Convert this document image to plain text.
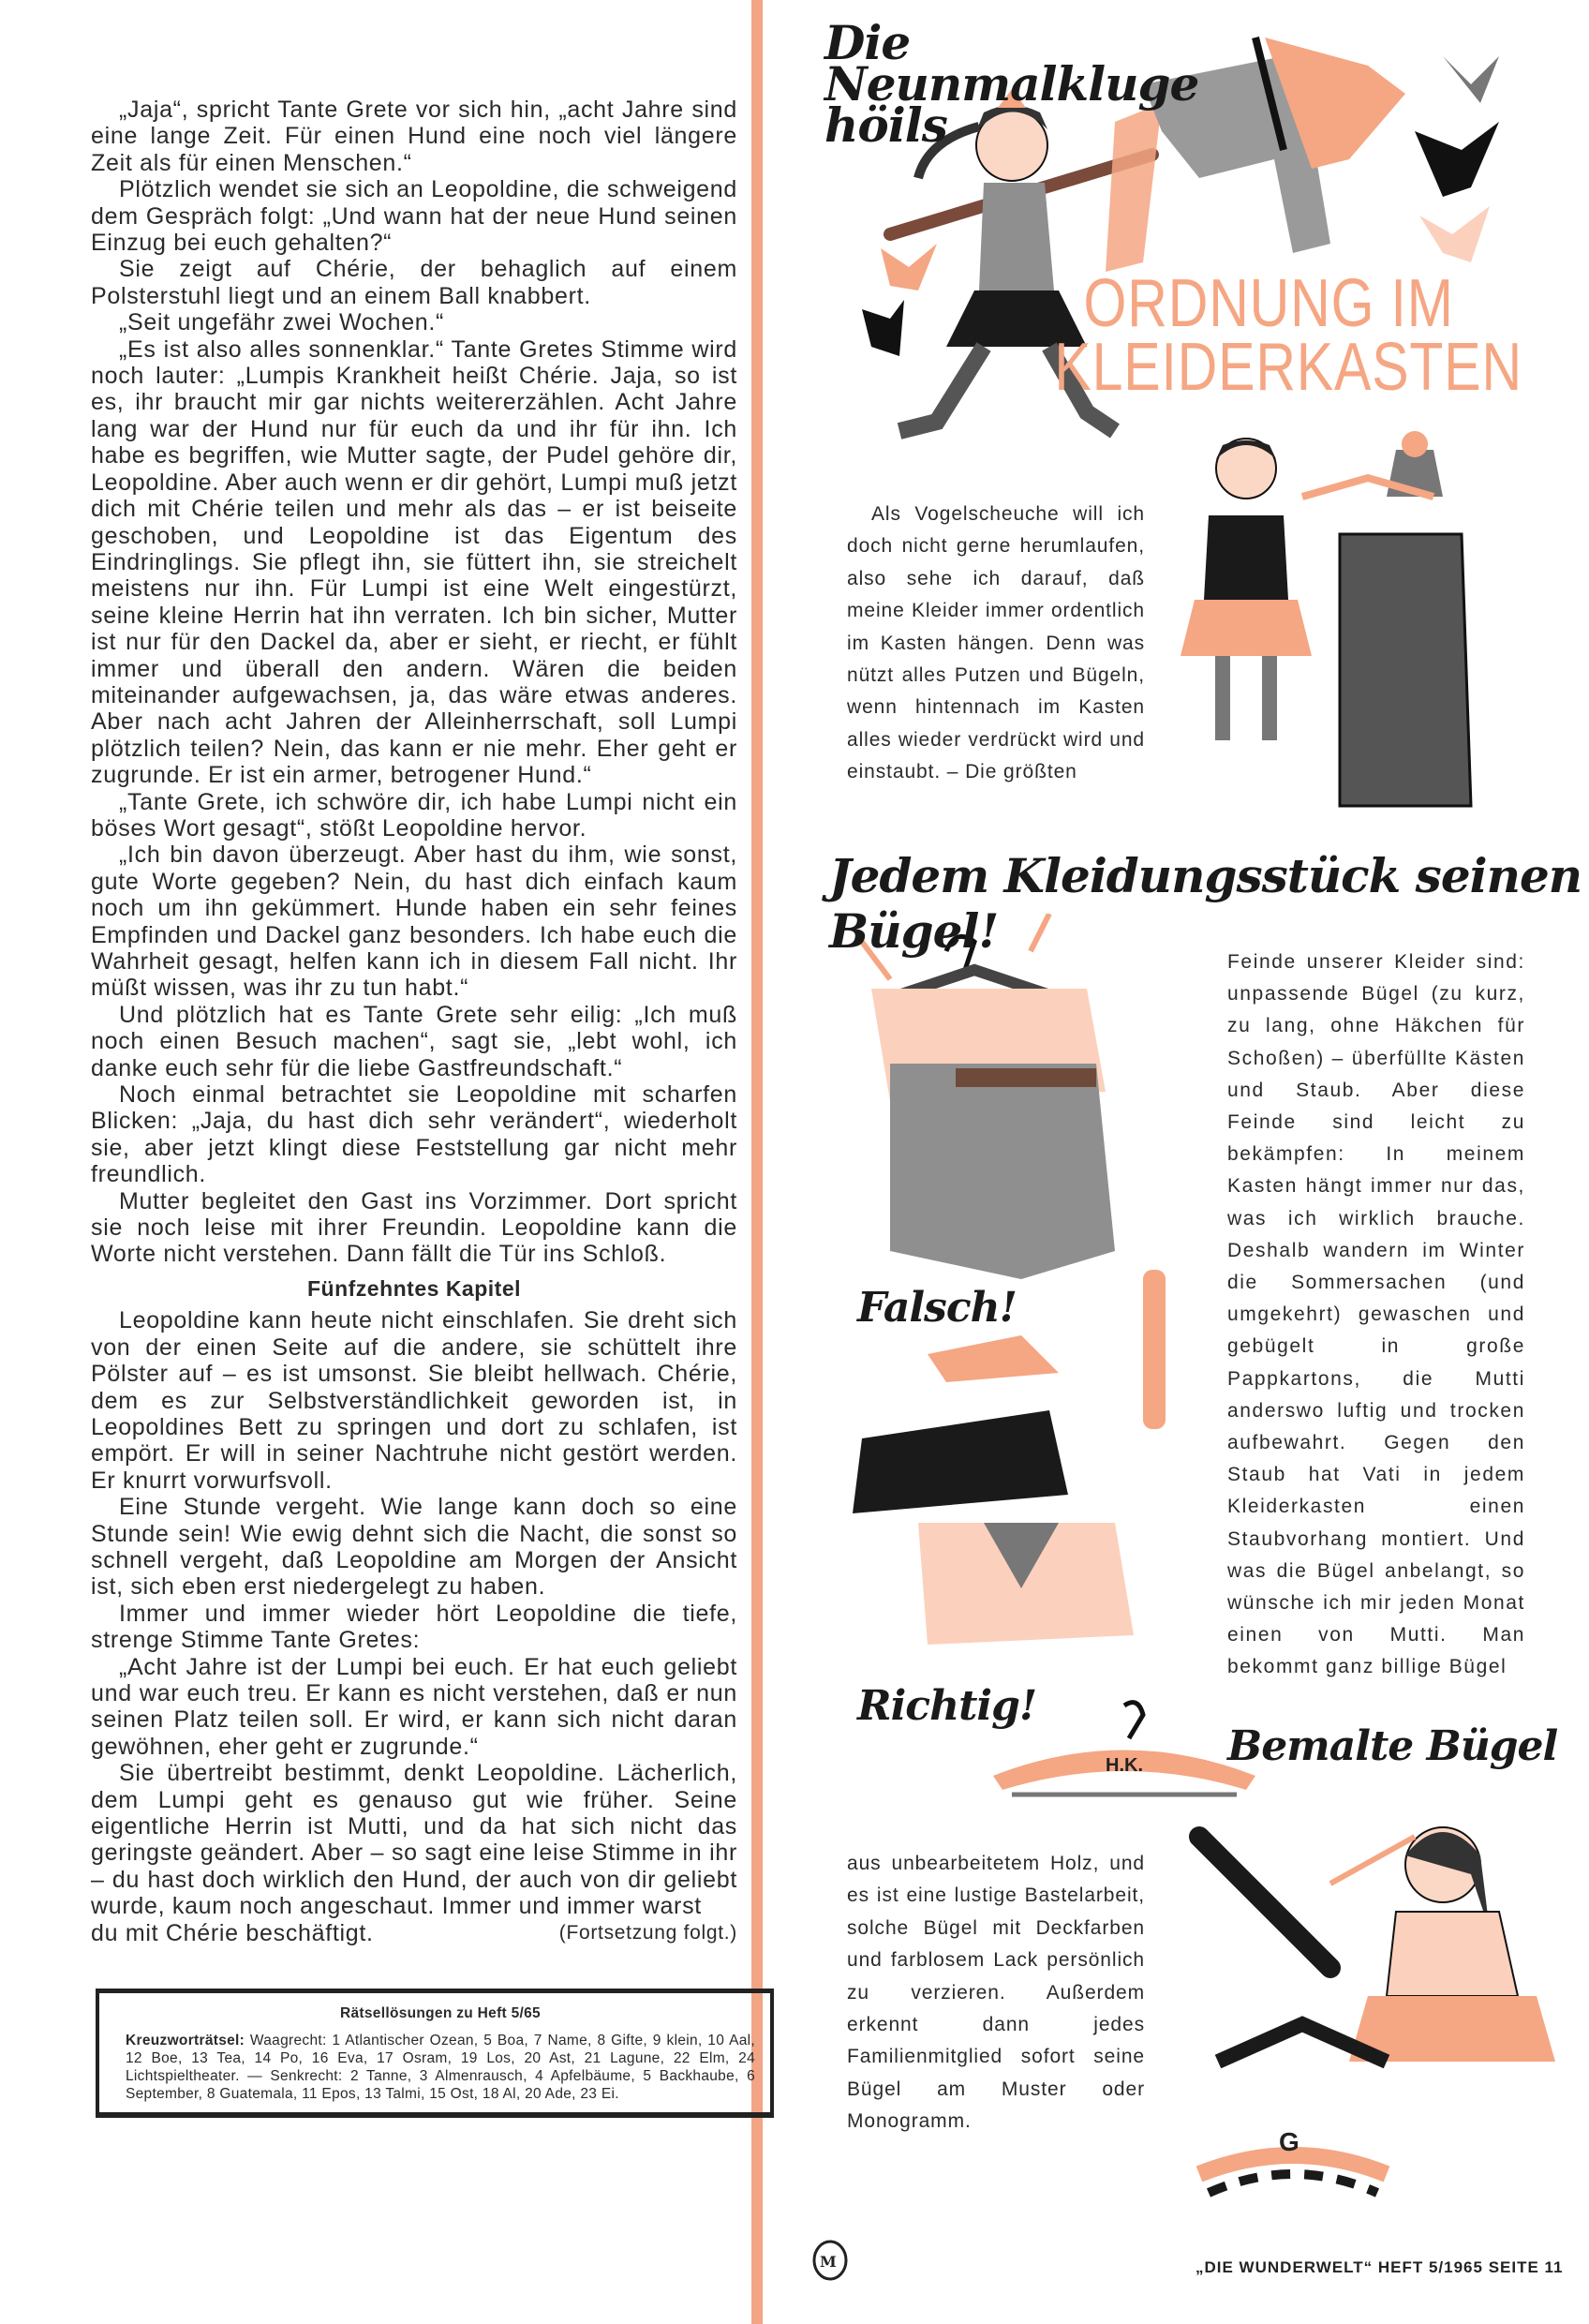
„Jaja“, spricht Tante Grete vor sich hin, „acht Jahre sind eine lange Zeit. Für einen Hund eine noch viel längere Zeit als für einen Menschen.“

Plötzlich wendet sie sich an Leopoldine, die schweigend dem Gespräch folgt: „Und wann hat der neue Hund seinen Einzug bei euch gehalten?“

Sie zeigt auf Chérie, der behaglich auf einem Polsterstuhl liegt und an einem Ball knabbert.

„Seit ungefähr zwei Wochen.“

„Es ist also alles sonnenklar.“ Tante Gretes Stimme wird noch lauter: „Lumpis Krankheit heißt Chérie. Jaja, so ist es, ihr braucht mir gar nichts weitererzählen. Acht Jahre lang war der Hund nur für euch da und ihr für ihn. Ich habe es begriffen, wie Mutter sagte, der Pudel gehöre dir, Leopoldine. Aber auch wenn er dir gehört, Lumpi muß jetzt dich mit Chérie teilen und mehr als das – er ist beiseite geschoben, und Leopoldine ist das Eigentum des Eindringlings. Sie pflegt ihn, sie füttert ihn, sie streichelt meistens nur ihn. Für Lumpi ist eine Welt eingestürzt, seine kleine Herrin hat ihn verraten. Ich bin sicher, Mutter ist nur für den Dackel da, aber er sieht, er riecht, er fühlt immer und überall den andern. Wären die beiden miteinander aufgewachsen, ja, das wäre etwas anderes. Aber nach acht Jahren der Alleinherrschaft, soll Lumpi plötzlich teilen? Nein, das kann er nie mehr. Eher geht er zugrunde. Er ist ein armer, betrogener Hund.“

„Tante Grete, ich schwöre dir, ich habe Lumpi nicht ein böses Wort gesagt“, stößt Leopoldine hervor.

„Ich bin davon überzeugt. Aber hast du ihm, wie sonst, gute Worte gegeben? Nein, du hast dich einfach kaum noch um ihn gekümmert. Hunde haben ein sehr feines Empfinden und Dackel ganz besonders. Ich habe euch die Wahrheit gesagt, helfen kann ich in diesem Fall nicht. Ihr müßt wissen, was ihr zu tun habt.“

Und plötzlich hat es Tante Grete sehr eilig: „Ich muß noch einen Besuch machen“, sagt sie, „lebt wohl, ich danke euch sehr für die liebe Gastfreundschaft.“

Noch einmal betrachtet sie Leopoldine mit scharfen Blicken: „Jaja, du hast dich sehr verändert“, wiederholt sie, aber jetzt klingt diese Feststellung gar nicht mehr freundlich.

Mutter begleitet den Gast ins Vorzimmer. Dort spricht sie noch leise mit ihrer Freundin. Leopoldine kann die Worte nicht verstehen. Dann fällt die Tür ins Schloß.

Fünfzehntes Kapitel

Leopoldine kann heute nicht einschlafen. Sie dreht sich von der einen Seite auf die andere, sie schüttelt ihre Pölster auf – es ist umsonst. Sie bleibt hellwach. Chérie, dem es zur Selbstverständlichkeit geworden ist, in Leopoldines Bett zu springen und dort zu schlafen, ist empört. Er will in seiner Nachtruhe nicht gestört werden. Er knurrt vorwurfsvoll.

Eine Stunde vergeht. Wie lange kann doch so eine Stunde sein! Wie ewig dehnt sich die Nacht, die sonst so schnell vergeht, daß Leopoldine am Morgen der Ansicht ist, sich eben erst niedergelegt zu haben.

Immer und immer wieder hört Leopoldine die tiefe, strenge Stimme Tante Gretes:

„Acht Jahre ist der Lumpi bei euch. Er hat euch geliebt und war euch treu. Er kann es nicht verstehen, daß er nun seinen Platz teilen soll. Er wird, er kann sich nicht daran gewöhnen, eher geht er zugrunde.“

Sie übertreibt bestimmt, denkt Leopoldine. Lächerlich, dem Lumpi geht es genauso gut wie früher. Seine eigentliche Herrin ist Mutti, und da hat sich nicht das geringste geändert. Aber – so sagt eine leise Stimme in ihr – du hast doch wirklich den Hund, der auch von dir geliebt wurde, kaum noch angeschaut. Immer und immer warst

du mit Chérie beschäftigt.	(Fortsetzung folgt.)

Rätsellösungen zu Heft 5/65
Kreuzworträtsel: Waagrecht: 1 Atlantischer Ozean, 5 Boa, 7 Name, 8 Gifte, 9 klein, 10 Aal, 12 Boe, 13 Tea, 14 Po, 16 Eva, 17 Osram, 19 Los, 20 Ast, 21 Lagune, 22 Elm, 24 Lichtspieltheater. — Senkrecht: 2 Tanne, 3 Almenrausch, 4 Apfelbäume, 5 Backhaube, 6 September, 8 Guatemala, 11 Epos, 13 Talmi, 15 Ost, 18 Al, 20 Ade, 23 Ei.
Die Neunmalkluge höils
ORDNUNG IM
KLEIDERKASTEN
Als Vogelscheuche will ich doch nicht gerne herumlaufen, also sehe ich darauf, daß meine Kleider immer ordentlich im Kasten hängen. Denn was nützt alles Putzen und Bügeln, wenn hintennach im Kasten alles wieder verdrückt wird und einstaubt. – Die größten
Jedem Kleidungsstück seinen Bügel!
Falsch!
Richtig!
Feinde unserer Kleider sind: unpassende Bügel (zu kurz, zu lang, ohne Häkchen für Schoßen) – überfüllte Kästen und Staub. Aber diese Feinde sind leicht zu bekämpfen: In meinem Kasten hängt immer nur das, was ich wirklich brauche. Deshalb wandern im Winter die Sommersachen (und umgekehrt) gewaschen und gebügelt in große Pappkartons, die Mutti anderswo luftig und trocken aufbewahrt. Gegen den Staub hat Vati in jedem Kleiderkasten einen Staubvorhang montiert. Und was die Bügel anbelangt, so wünsche ich mir jeden Monat einen von Mutti. Man bekommt ganz billige Bügel
H.K. Bemalte Bügel
aus unbearbeitetem Holz, und es ist eine lustige Bastelarbeit, solche Bügel mit Deckfarben und farblosem Lack persönlich zu verzieren. Außerdem erkennt dann jedes Familienmitglied sofort seine Bügel am Muster oder Monogramm.
G
M	„DIE WUNDERWELT“ HEFT 5/1965 SEITE 11
